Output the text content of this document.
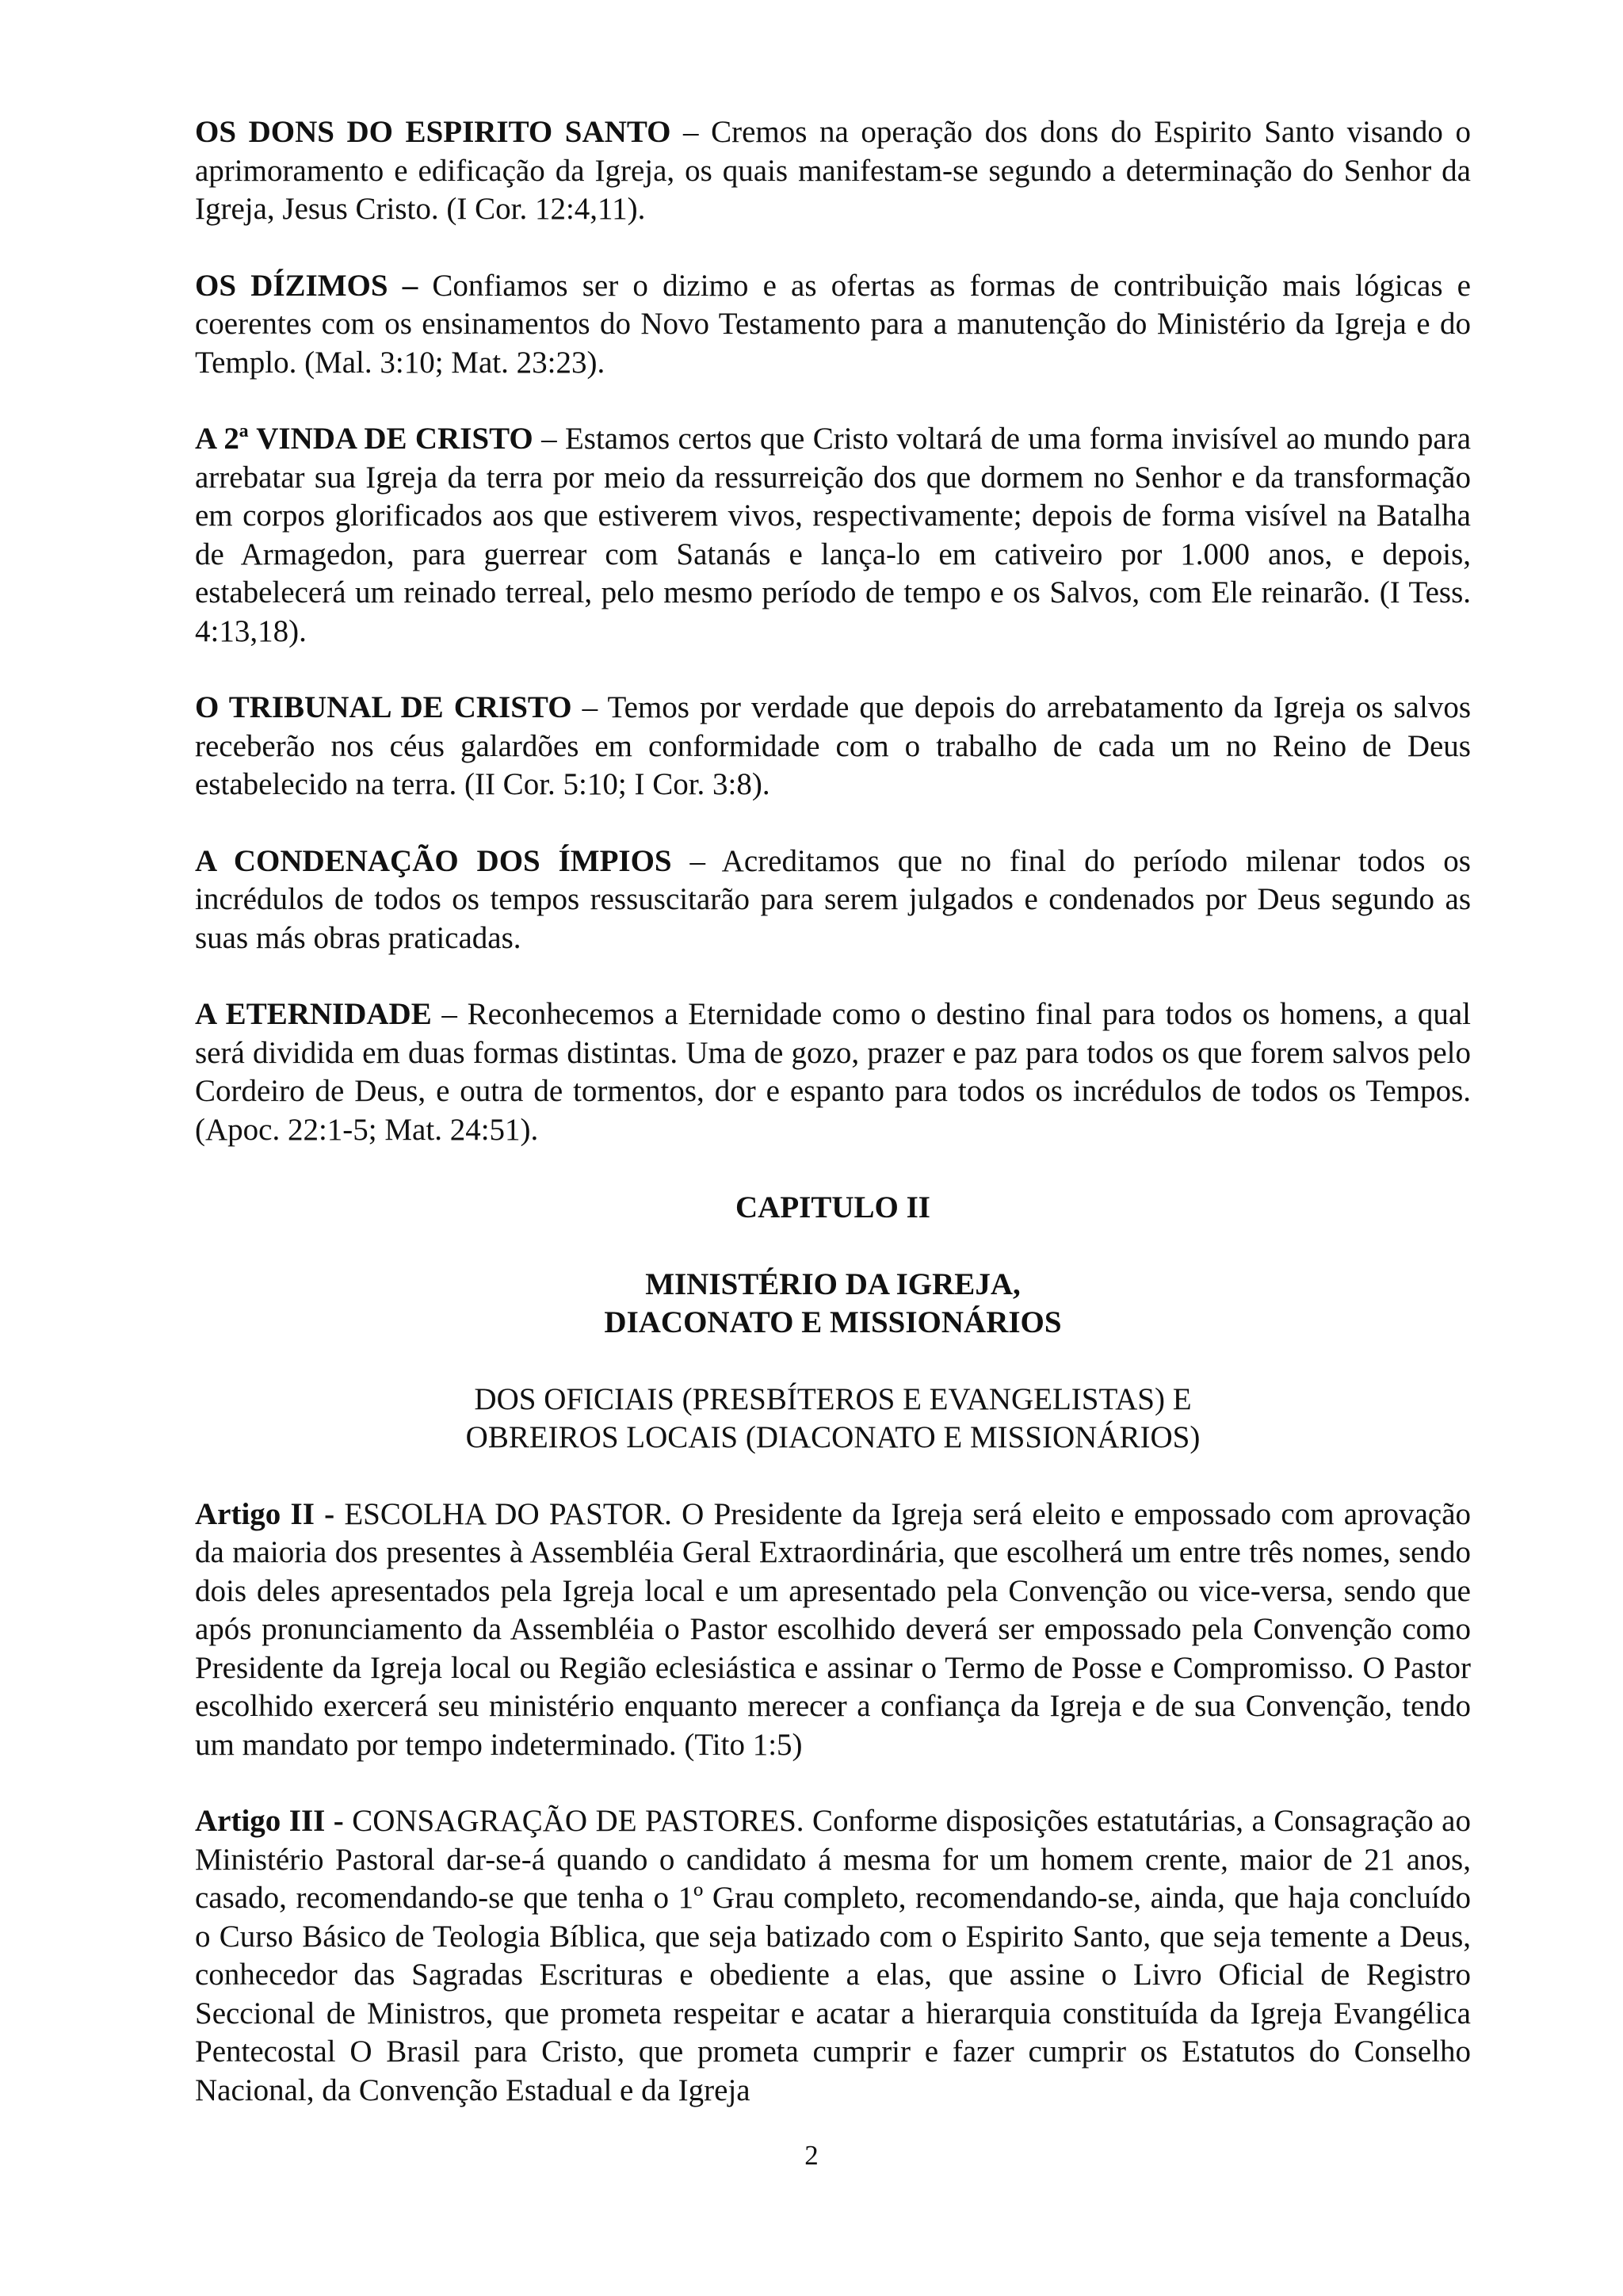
OS DONS DO ESPIRITO SANTO – Cremos na operação dos dons do Espirito Santo visando o aprimoramento e edificação da Igreja, os quais manifestam-se segundo a determinação do Senhor da Igreja, Jesus Cristo. (I Cor. 12:4,11).

OS DÍZIMOS – Confiamos ser o dizimo e as ofertas as formas de contribuição mais lógicas e coerentes com os ensinamentos do Novo Testamento para a manutenção do Ministério da Igreja e do Templo. (Mal. 3:10; Mat. 23:23).

A 2ª VINDA DE CRISTO – Estamos certos que Cristo voltará de uma forma invisível ao mundo para arrebatar sua Igreja da terra por meio da ressurreição dos que dormem no Senhor e da transformação em corpos glorificados aos que estiverem vivos, respectivamente; depois de forma visível na Batalha de Armagedon, para guerrear com Satanás e lança-lo em cativeiro por 1.000 anos, e depois, estabelecerá um reinado terreal, pelo mesmo período de tempo e os Salvos, com Ele reinarão. (I Tess. 4:13,18).

O TRIBUNAL DE CRISTO – Temos por verdade que depois do arrebatamento da Igreja os salvos receberão nos céus galardões em conformidade com o trabalho de cada um no Reino de Deus estabelecido na terra. (II Cor. 5:10; I Cor. 3:8).

A CONDENAÇÃO DOS ÍMPIOS – Acreditamos que no final do período milenar todos os incrédulos de todos os tempos ressuscitarão para serem julgados e condenados por Deus segundo as suas más obras praticadas.

A ETERNIDADE – Reconhecemos a Eternidade como o destino final para todos os homens, a qual será dividida em duas formas distintas. Uma de gozo, prazer e paz para todos os que forem salvos pelo Cordeiro de Deus, e outra de tormentos, dor e espanto para todos os incrédulos de todos os Tempos. (Apoc. 22:1-5; Mat. 24:51).

CAPITULO II

MINISTÉRIO DA IGREJA,
DIACONATO E MISSIONÁRIOS

DOS OFICIAIS (PRESBÍTEROS E EVANGELISTAS) E
OBREIROS LOCAIS (DIACONATO E MISSIONÁRIOS)

Artigo II - ESCOLHA DO PASTOR. O Presidente da Igreja será eleito e empossado com aprovação da maioria dos presentes à Assembléia Geral Extraordinária, que escolherá um entre três nomes, sendo dois deles apresentados pela Igreja local e um apresentado pela Convenção ou vice-versa, sendo que após pronunciamento da Assembléia o Pastor escolhido deverá ser empossado pela Convenção como Presidente da Igreja local ou Região eclesiástica e assinar o Termo de Posse e Compromisso. O Pastor escolhido exercerá seu ministério enquanto merecer a confiança da Igreja e de sua Convenção, tendo um mandato por tempo indeterminado. (Tito 1:5)

Artigo III - CONSAGRAÇÃO DE PASTORES. Conforme disposições estatutárias, a Consagração ao Ministério Pastoral dar-se-á quando o candidato á mesma for um homem crente, maior de 21 anos, casado, recomendando-se que tenha o 1º Grau completo, recomendando-se, ainda, que haja concluído o Curso Básico de Teologia Bíblica, que seja batizado com o Espirito Santo, que seja temente a Deus, conhecedor das Sagradas Escrituras e obediente a elas, que assine o Livro Oficial de Registro Seccional de Ministros, que prometa respeitar e acatar a hierarquia constituída da Igreja Evangélica Pentecostal O Brasil para Cristo, que prometa cumprir e fazer cumprir os Estatutos do Conselho Nacional, da Convenção Estadual e da Igreja

2
